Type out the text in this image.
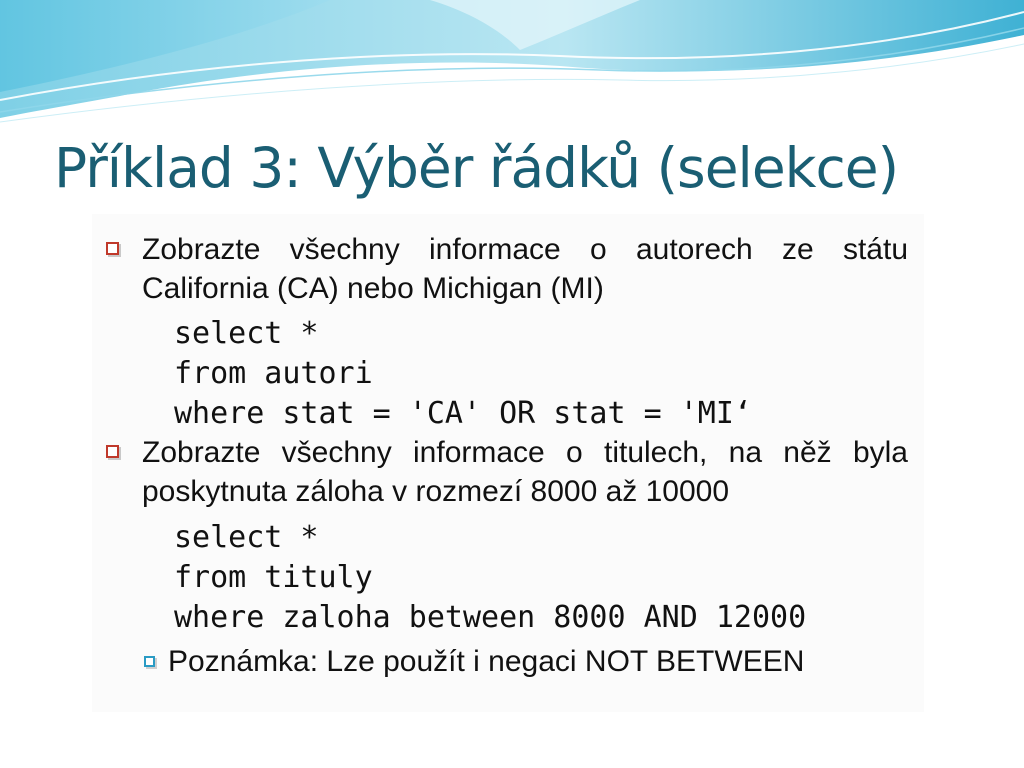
Příklad 3: Výběr řádků (selekce)
Zobrazte všechny informace o autorech ze státu California (CA) nebo Michigan (MI)
select *
from autori
where stat = 'CA' OR stat = 'MI‘
Zobrazte všechny informace o titulech, na něž byla poskytnuta záloha v rozmezí 8000 až 10000
select *
from tituly
where zaloha between 8000 AND 12000
Poznámka: Lze použít i negaci NOT BETWEEN
